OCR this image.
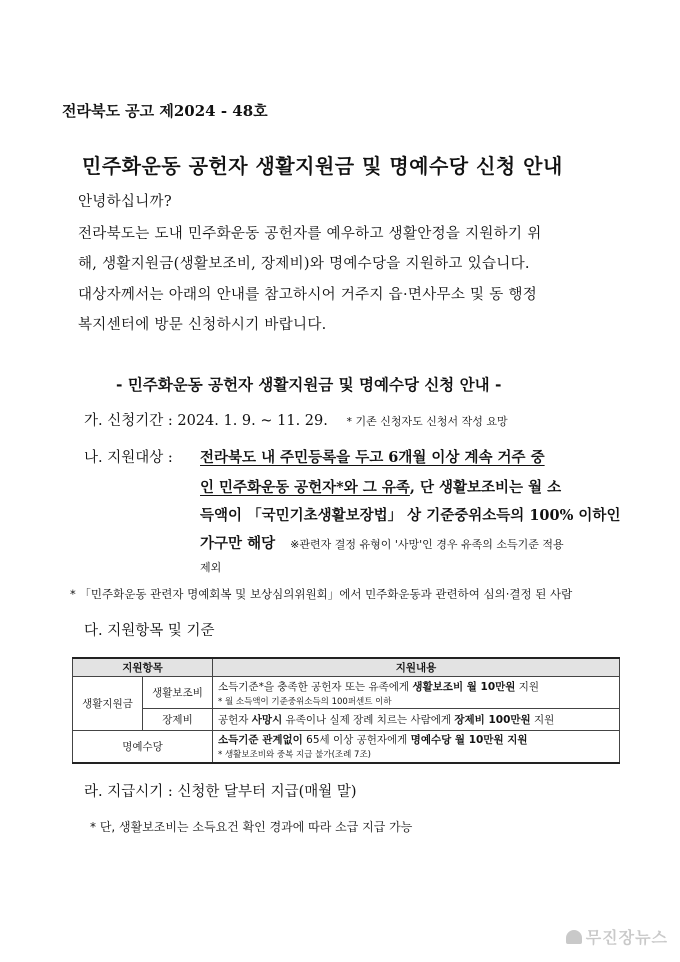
전라북도 공고 제2024 - 48호
민주화운동 공헌자 생활지원금 및 명예수당 신청 안내
안녕하십니까?
전라북도는 도내 민주화운동 공헌자를 예우하고 생활안정을 지원하기 위
해, 생활지원금(생활보조비, 장제비)와 명예수당을 지원하고 있습니다.
대상자께서는 아래의 안내를 참고하시어 거주지 읍·면사무소 및 동 행정
복지센터에 방문 신청하시기 바랍니다.
- 민주화운동 공헌자 생활지원금 및 명예수당 신청 안내 -
가. 신청기간 : 2024. 1. 9. ~ 11. 29. * 기존 신청자도 신청서 작성 요망
나. 지원대상 : 전라북도 내 주민등록을 두고 6개월 이상 계속 거주 중
인 민주화운동 공헌자*와 그 유족, 단 생활보조비는 월 소
득액이 「국민기초생활보장법」 상 기준중위소득의 100% 이하인
가구만 해당 ※관련자 결정 유형이 '사망'인 경우 유족의 소득기준 적용
제외
* 「민주화운동 관련자 명예회복 및 보상심의위원회」에서 민주화운동과 관련하여 심의·결정 된 사람
다. 지원항목 및 기준
지원항목		지원내용
생활지원금	생활보조비	소득기준*을 충족한 공헌자 또는 유족에게 생활보조비 월 10만원 지원
* 월 소득액이 기준중위소득의 100퍼센트 이하

	장제비	공헌자 사망시 유족이나 실제 장례 치르는 사람에게 장제비 100만원 지원
명예수당		소득기준 관계없이 65세 이상 공헌자에게 명예수당 월 10만원 지원
* 생활보조비와 중복 지급 불가(조례 7조)
라. 지급시기 : 신청한 달부터 지급(매월 말)
* 단, 생활보조비는 소득요건 확인 경과에 따라 소급 지급 가능
무진장뉴스
